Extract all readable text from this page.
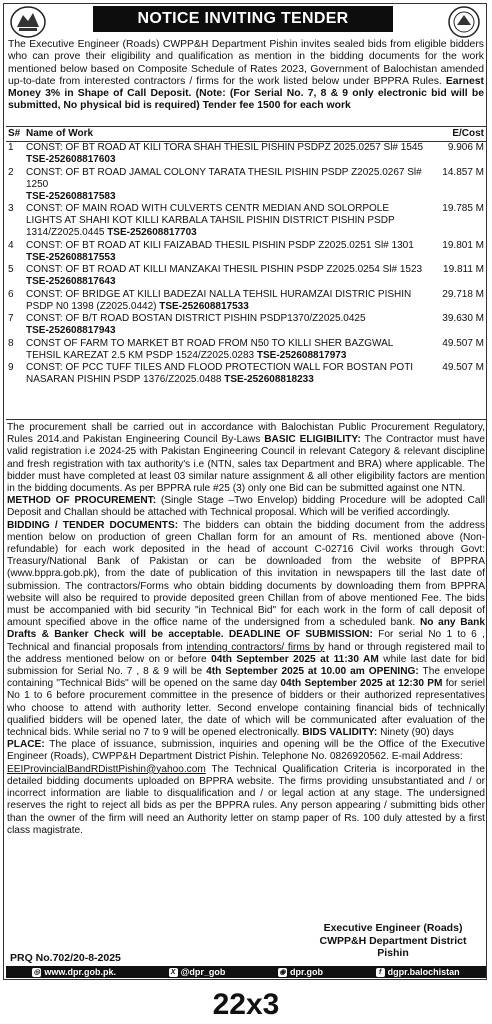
NOTICE INVITING TENDER
The Executive Engineer (Roads) CWPP&H Department Pishin invites sealed bids from eligible bidders who can prove their eligibility and qualification as mention in the bidding documents for the work mentioned below based on Composite Schedule of Rates 2023, Government of Balochistan amended up-to-date from interested contractors / firms for the work listed below under BPPRA Rules. Earnest Money 3% in Shape of Call Deposit. (Note: (For Serial No. 7, 8 & 9 only electronic bid will be submitted, No physical bid is required) Tender fee 1500 for each work
S#	Name of Work	E/Cost
1	CONST: OF BT ROAD AT KILI TORA SHAH THESIL PISHIN PSDPZ 2025.0257 Sl# 1545
TSE-252608817603	9.906 M
2	CONST: OF BT ROAD JAMAL COLONY TARATA THESIL PISHIN PSDP Z2025.0267 Sl# 1250
TSE-252608817583	14.857 M
3	CONST: OF MAIN ROAD WITH CULVERTS CENTR MEDIAN AND SOLORPOLE LIGHTS AT SHAHI KOT KILLI KARBALA TAHSIL PISHIN DISTRICT PISHIN PSDP 1314/Z2025.0445 TSE-252608817703	19.785 M
4	CONST: OF BT ROAD AT KILI FAIZABAD THESIL PISHIN PSDP Z2025.0251 Sl# 1301
TSE-252608817553	19.801 M
5	CONST: OF BT ROAD AT KILLI MANZAKAI THESIL PISHIN PSDP Z2025.0254 Sl# 1523
TSE-252608817643	19.811 M
6	CONST: OF BRIDGE AT KILLI BADEZAI NALLA TEHSIL HURAMZAI DISTRIC PISHIN PSDP N0 1398 (Z2025.0442) TSE-252608817533	29.718 M
7	CONST: OF B/T ROAD BOSTAN DISTRICT PISHIN PSDP1370/Z2025.0425
TSE-252608817943	39.630 M
8	CONST OF FARM TO MARKET BT ROAD FROM N50 TO KILLI SHER BAZGWAL TEHSIL KAREZAT 2.5 KM PSDP 1524/Z2025.0283 TSE-252608817973	49.507 M
9	CONST: OF PCC TUFF TILES AND FLOOD PROTECTION WALL FOR BOSTAN POTI NASARAN PISHIN PSDP 1376/Z2025.0488 TSE-252608818233	49.507 M
The procurement shall be carried out in accordance with Balochistan Public Procurement Regulatory, Rules 2014.and Pakistan Engineering Council By-Laws BASIC ELIGIBILITY: The Contractor must have valid registration i.e 2024-25 with Pakistan Engineering Council in relevant Category & relevant discipline and fresh registration with tax authority's i.e (NTN, sales tax Department and BRA) where applicable. The bidder must have completed at least 03 similar nature assignment & all other eligibility factors are mention in the bidding documents. As per BPPRA rule #25 (3) only one Bid can be submitted against one NTN.
METHOD OF PROCUREMENT: (Single Stage –Two Envelop) bidding Procedure will be adopted Call Deposit and Challan should be attached with Technical proposal. Which will be verified accordingly.
BIDDING / TENDER DOCUMENTS: The bidders can obtain the bidding document from the address mention below on production of green Challan form for an amount of Rs. mentioned above (Non-refundable) for each work deposited in the head of account C-02716 Civil works through Govt: Treasury/National Bank of Pakistan or can be downloaded from the website of BPPRA (www.bppra.gob.pk), from the date of publication of this invitation in newspapers till the last date of submission. The contractors/Forms who obtain bidding documents by downloading them from BPPRA website will also be required to provide deposited green Chillan from of above mentioned Fee. The bids must be accompanied with bid security "in Technical Bid" for each work in the form of call deposit of amount specified above in the office name of the undersigned from a scheduled bank. No any Bank Drafts & Banker Check will be acceptable. DEADLINE OF SUBMISSION: For serial No 1 to 6 , Technical and financial proposals from intending contractors/ firms by hand or through registered mail to the address mentioned below on or before 04th September 2025 at 11:30 AM while last date for bid submission for Serial No. 7 , 8 & 9 will be 4th September 2025 at 10.00 am OPENING: The envelope containing "Technical Bids" will be opened on the same day 04th September 2025 at 12:30 PM for seriel No 1 to 6 before procurement committee in the presence of bidders or their authorized representatives who choose to attend with authority letter. Second envelope containing financial bids of technically qualified bidders will be opened later, the date of which will be communicated after evaluation of the technical bids. While serial no 7 to 9 will be opened electronically. BIDS VALIDITY: Ninety (90) days
PLACE: The place of issuance, submission, inquiries and opening will be the Office of the Executive Engineer (Roads), CWPP&H Department District Pishin. Telephone No. 0826920562. E-mail Address:
EEIProvincialBandRDisttPishin@yahoo.com The Technical Qualification Criteria is incorporated in the detailed bidding documents uploaded on BPPRA website. The firms providing unsubstantiated and / or incorrect information are liable to disqualification and / or legal action at any stage. The undersigned reserves the right to reject all bids as per the BPPRA rules. Any person appearing / submitting bids other than the owner of the firm will need an Authority letter on stamp paper of Rs. 100 duly attested by a first class magistrate.
Executive Engineer (Roads)
CWPP&H Department District
Pishin
PRQ No.702/20-8-2025
◎ www.dpr.gob.pk.	X @dpr_gob	◉ dpr.gob	f dgpr.balochistan
22x3
